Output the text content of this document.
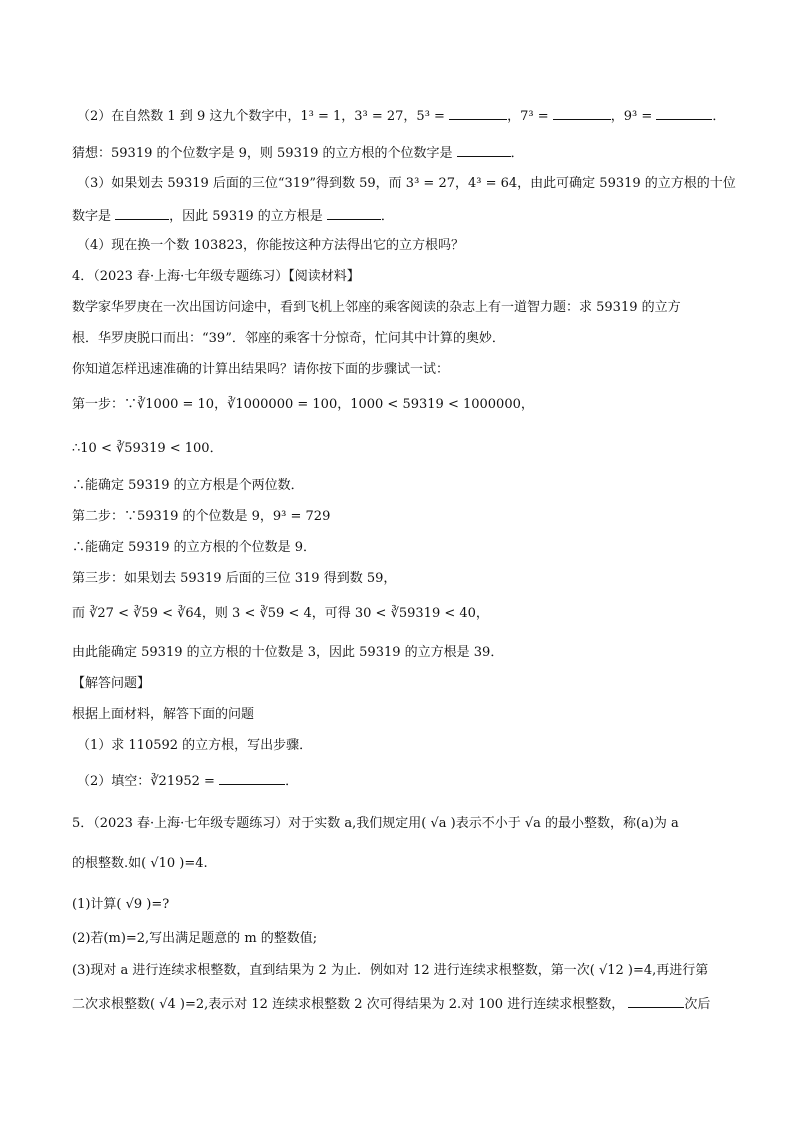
（2）在自然数 1 到 9 这九个数字中，1³ = 1，3³ = 27，5³ =	，7³ =	，9³ =	．
猜想：59319 的个位数字是 9，则 59319 的立方根的个位数字是	．
（3）如果划去 59319 后面的三位“319”得到数 59，而 3³ = 27，4³ = 64，由此可确定 59319 的立方根的十位
数字是	，因此 59319 的立方根是	．
（4）现在换一个数 103823，你能按这种方法得出它的立方根吗？
4．（2023 春·上海·七年级专题练习）【阅读材料】
数学家华罗庚在一次出国访问途中，看到飞机上邻座的乘客阅读的杂志上有一道智力题：求 59319 的立方
根．华罗庚脱口而出：“39”．邻座的乘客十分惊奇，忙问其中计算的奥妙．
你知道怎样迅速准确的计算出结果吗？请你按下面的步骤试一试：
第一步：∵∛1000 = 10，∛1000000 = 100，1000 < 59319 < 1000000，
∴10 < ∛59319 < 100．
∴能确定 59319 的立方根是个两位数．
第二步：∵59319 的个位数是 9，9³ = 729
∴能确定 59319 的立方根的个位数是 9．
第三步：如果划去 59319 后面的三位 319 得到数 59，
而 ∛27 < ∛59 < ∛64，则 3 < ∛59 < 4，可得 30 < ∛59319 < 40，
由此能确定 59319 的立方根的十位数是 3，因此 59319 的立方根是 39．
【解答问题】
根据上面材料，解答下面的问题
（1）求 110592 的立方根，写出步骤．
（2）填空：∛21952 =	．
5．（2023 春·上海·七年级专题练习）对于实数 a,我们规定用( √a )表示不小于 √a 的最小整数，称(a)为 a
的根整数.如( √10 )=4.
(1)计算( √9 )=?
(2)若(m)=2,写出满足题意的 m 的整数值;
(3)现对 a 进行连续求根整数，直到结果为 2 为止．例如对 12 进行连续求根整数，第一次( √12 )=4,再进行第
二次求根整数( √4 )=2,表示对 12 连续求根整数 2 次可得结果为 2.对 100 进行连续求根整数，	次后
